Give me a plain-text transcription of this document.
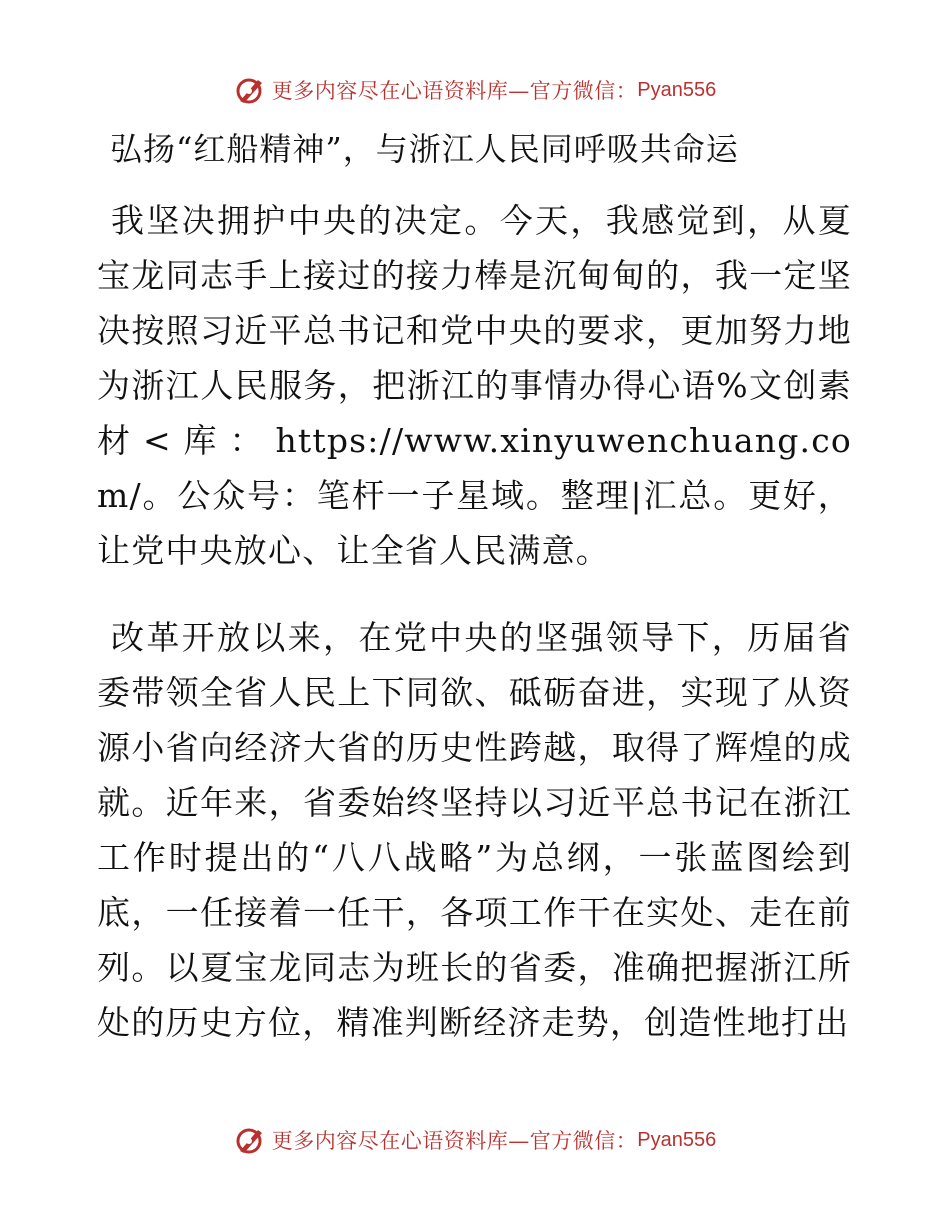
更多内容尽在心语资料库—官方微信： Pyan556
弘扬“红船精神”，与浙江人民同呼吸共命运

我坚决拥护中央的决定。今天，我感觉到，从夏宝龙同志手上接过的接力棒是沉甸甸的，我一定坚决按照习近平总书记和党中央的要求，更加努力地为浙江人民服务，把浙江的事情办得心语%文创素材<库：https://www.xinyuwenchuang.com/。公众号：笔杆一子星域。整理|汇总。更好，让党中央放心、让全省人民满意。

改革开放以来，在党中央的坚强领导下，历届省委带领全省人民上下同欲、砥砺奋进，实现了从资源小省向经济大省的历史性跨越，取得了辉煌的成就。近年来，省委始终坚持以习近平总书记在浙江工作时提出的“八八战略”为总纲，一张蓝图绘到底，一任接着一任干，各项工作干在实处、走在前列。以夏宝龙同志为班长的省委，准确把握浙江所处的历史方位，精准判断经济走势，创造性地打出

更多内容尽在心语资料库—官方微信： Pyan556
